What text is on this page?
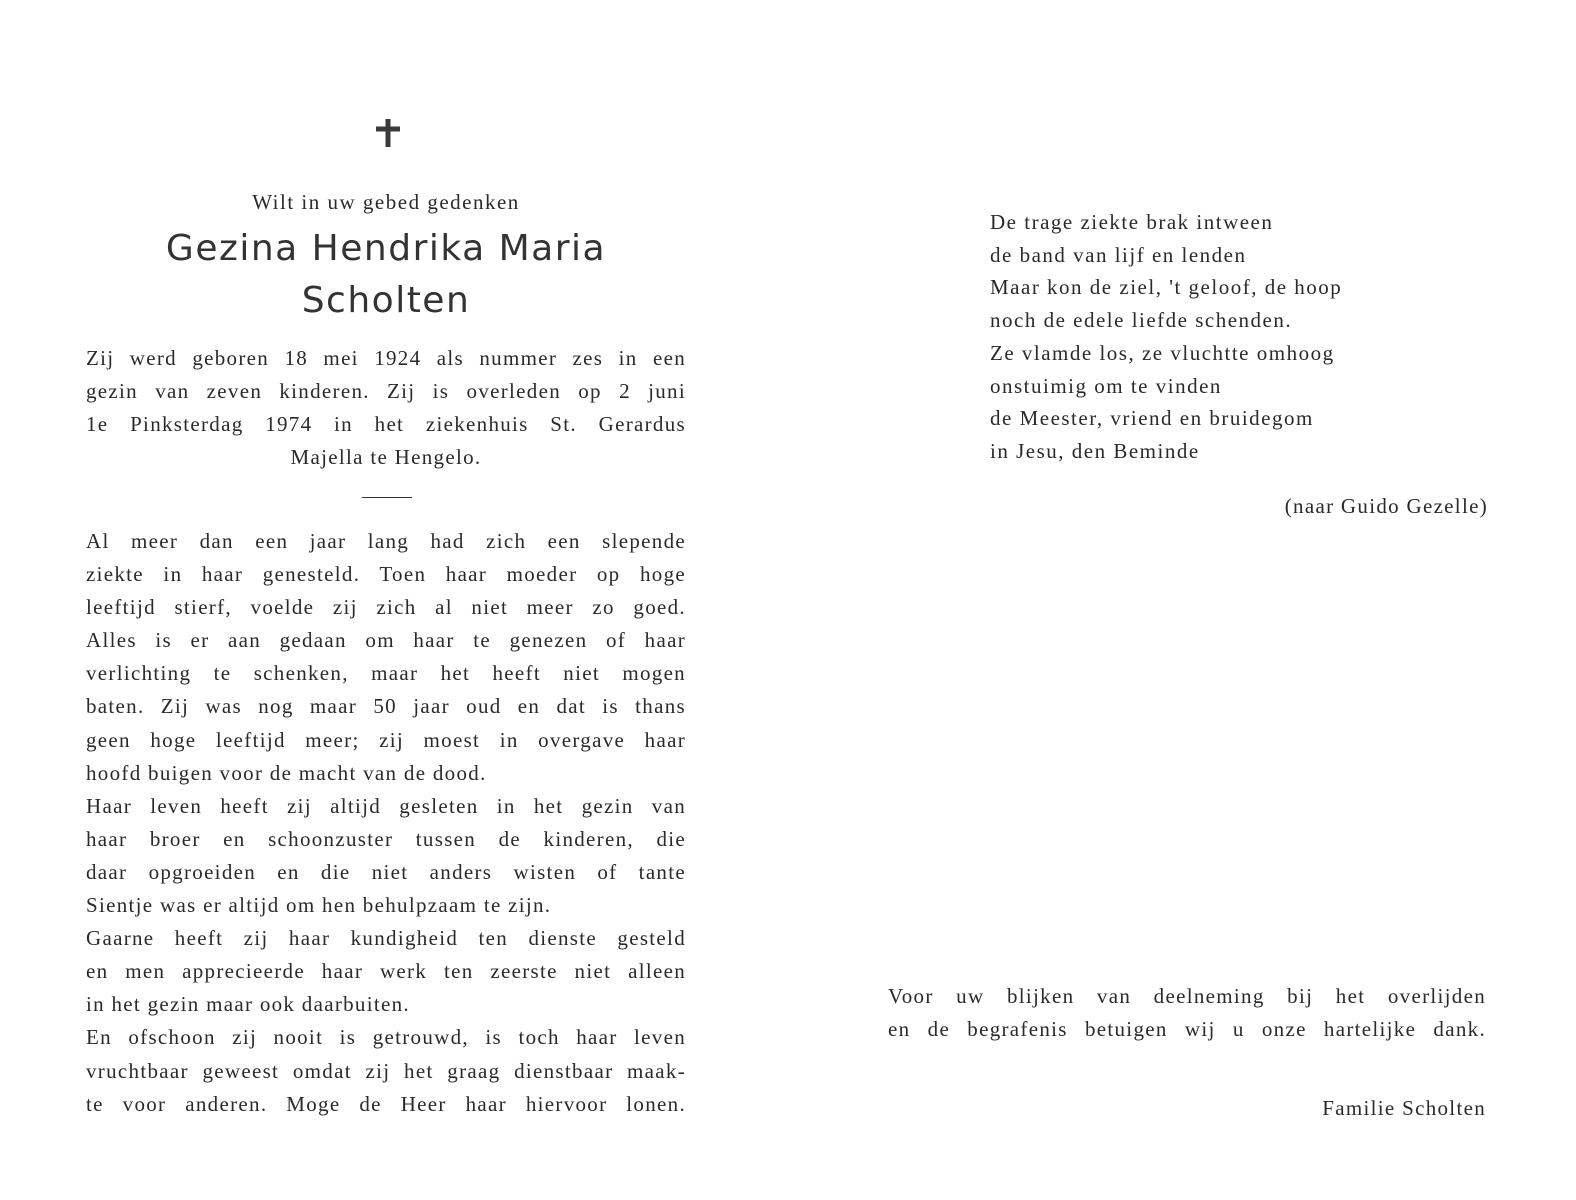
Wilt in uw gebed gedenken
Gezina Hendrika Maria
Scholten
Zij werd geboren 18 mei 1924 als nummer zes in een
gezin van zeven kinderen. Zij is overleden op 2 juni
1e Pinksterdag 1974 in het ziekenhuis St. Gerardus
Majella te Hengelo.
Al meer dan een jaar lang had zich een slepende
ziekte in haar genesteld. Toen haar moeder op hoge
leeftijd stierf, voelde zij zich al niet meer zo goed.
Alles is er aan gedaan om haar te genezen of haar
verlichting te schenken, maar het heeft niet mogen
baten. Zij was nog maar 50 jaar oud en dat is thans
geen hoge leeftijd meer; zij moest in overgave haar
hoofd buigen voor de macht van de dood.
Haar leven heeft zij altijd gesleten in het gezin van
haar broer en schoonzuster tussen de kinderen, die
daar opgroeiden en die niet anders wisten of tante
Sientje was er altijd om hen behulpzaam te zijn.
Gaarne heeft zij haar kundigheid ten dienste gesteld
en men apprecieerde haar werk ten zeerste niet alleen
in het gezin maar ook daarbuiten.
En ofschoon zij nooit is getrouwd, is toch haar leven
vruchtbaar geweest omdat zij het graag dienstbaar maak-
te voor anderen. Moge de Heer haar hiervoor lonen.
De trage ziekte brak intween
de band van lijf en lenden
Maar kon de ziel, 't geloof, de hoop
noch de edele liefde schenden.
Ze vlamde los, ze vluchtte omhoog
onstuimig om te vinden
de Meester, vriend en bruidegom
in Jesu, den Beminde
(naar Guido Gezelle)
Voor uw blijken van deelneming bij het overlijden
en de begrafenis betuigen wij u onze hartelijke dank.
Familie Scholten
